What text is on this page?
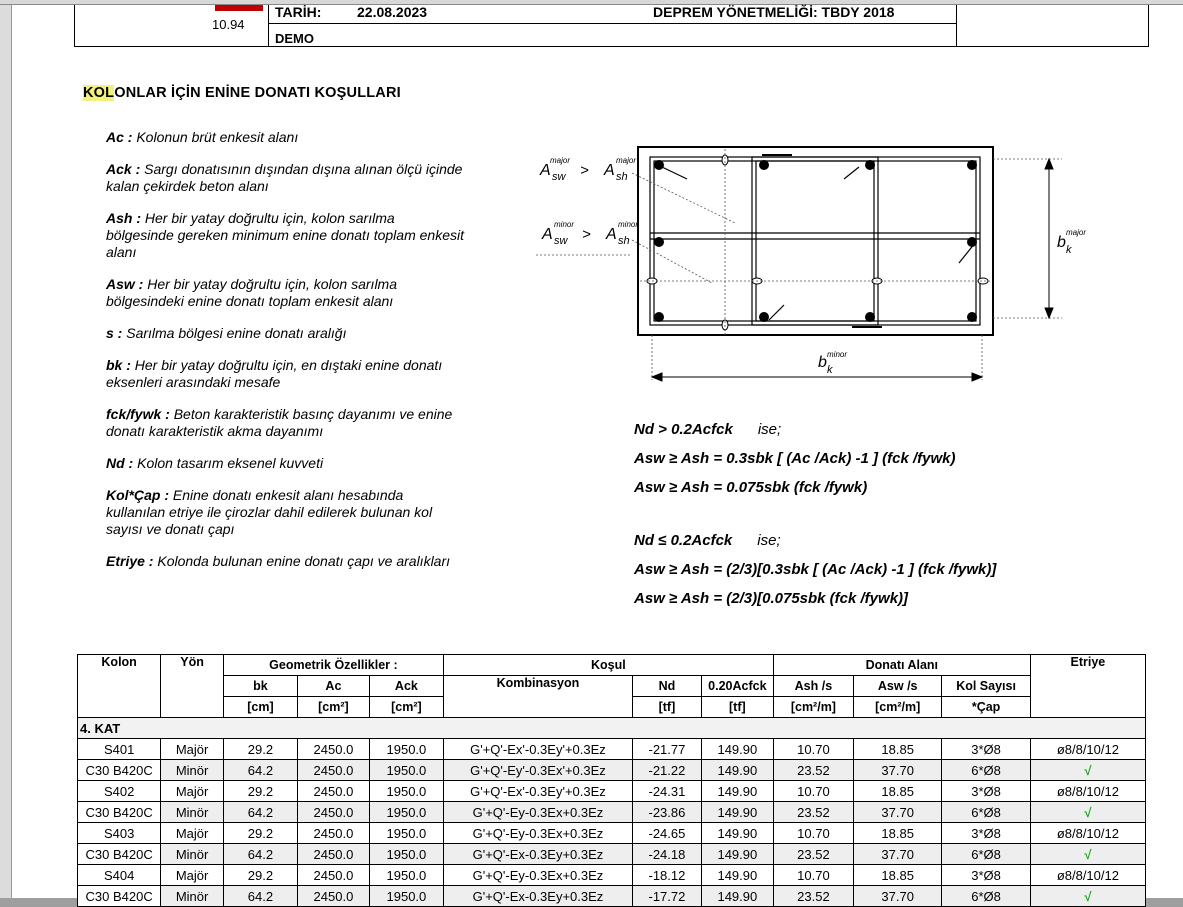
10.94
TARİH:	22.08.2023	DEPREM YÖNETMELİĞİ: TBDY 2018
DEMO
KOLONLAR İÇİN ENİNE DONATI KOŞULLARI

Ac : Kolonun brüt enkesit alanı

Ack : Sargı donatısının dışından dışına alınan ölçü içinde kalan çekirdek beton alanı

Ash : Her bir yatay doğrultu için, kolon sarılma bölgesinde gereken minimum enine donatı toplam enkesit alanı

Asw : Her bir yatay doğrultu için, kolon sarılma bölgesindeki enine donatı toplam enkesit alanı

s : Sarılma bölgesi enine donatı aralığı

bk : Her bir yatay doğrultu için, en dıştaki enine donatı eksenleri arasındaki mesafe

fck/fywk : Beton karakteristik basınç dayanımı ve enine donatı karakteristik akma dayanımı

Nd : Kolon tasarım eksenel kuvveti

Kol*Çap : Enine donatı enkesit alanı hesabında kullanılan etriye ile çirozlar dahil edilerek bulunan kol sayısı ve donatı çapı

Etriye : Kolonda bulunan enine donatı çapı ve aralıkları

A sw
major
> A sh
major
A sw
minor
> A sh
minor
b k
major
b k
minor
Nd > 0.2Acfck ise;
Asw ≥ Ash = 0.3sbk [ (Ac /Ack) -1 ] (fck /fywk)
Asw ≥ Ash = 0.075sbk (fck /fywk)
Nd ≤ 0.2Acfck ise;
Asw ≥ Ash = (2/3)[0.3sbk [ (Ac /Ack) -1 ] (fck /fywk)]
Asw ≥ Ash = (2/3)[0.075sbk (fck /fywk)]
Kolon	Yön	Geometrik Özellikler :			Koşul			Donatı Alanı			Etriye
		bk	Ac	Ack	Kombinasyon	Nd	0.20Acfck	Ash /s	Asw /s	Kol Sayısı	
		[cm]	[cm²]	[cm²]		[tf]	[tf]	[cm²/m]	[cm²/m]	*Çap	
4. KAT											
S401	Majör	29.2	2450.0	1950.0	G'+Q'-Ex'-0.3Ey'+0.3Ez	-21.77	149.90	10.70	18.85	3*Ø8	ø8/8/10/12
C30 B420C	Minör	64.2	2450.0	1950.0	G'+Q'-Ey'-0.3Ex'+0.3Ez	-21.22	149.90	23.52	37.70	6*Ø8	√
S402	Majör	29.2	2450.0	1950.0	G'+Q'-Ex'-0.3Ey'+0.3Ez	-24.31	149.90	10.70	18.85	3*Ø8	ø8/8/10/12
C30 B420C	Minör	64.2	2450.0	1950.0	G'+Q'-Ey-0.3Ex+0.3Ez	-23.86	149.90	23.52	37.70	6*Ø8	√
S403	Majör	29.2	2450.0	1950.0	G'+Q'-Ey-0.3Ex+0.3Ez	-24.65	149.90	10.70	18.85	3*Ø8	ø8/8/10/12
C30 B420C	Minör	64.2	2450.0	1950.0	G'+Q'-Ex-0.3Ey+0.3Ez	-24.18	149.90	23.52	37.70	6*Ø8	√
S404	Majör	29.2	2450.0	1950.0	G'+Q'-Ey-0.3Ex+0.3Ez	-18.12	149.90	10.70	18.85	3*Ø8	ø8/8/10/12
C30 B420C	Minör	64.2	2450.0	1950.0	G'+Q'-Ex-0.3Ey+0.3Ez	-17.72	149.90	23.52	37.70	6*Ø8	√
